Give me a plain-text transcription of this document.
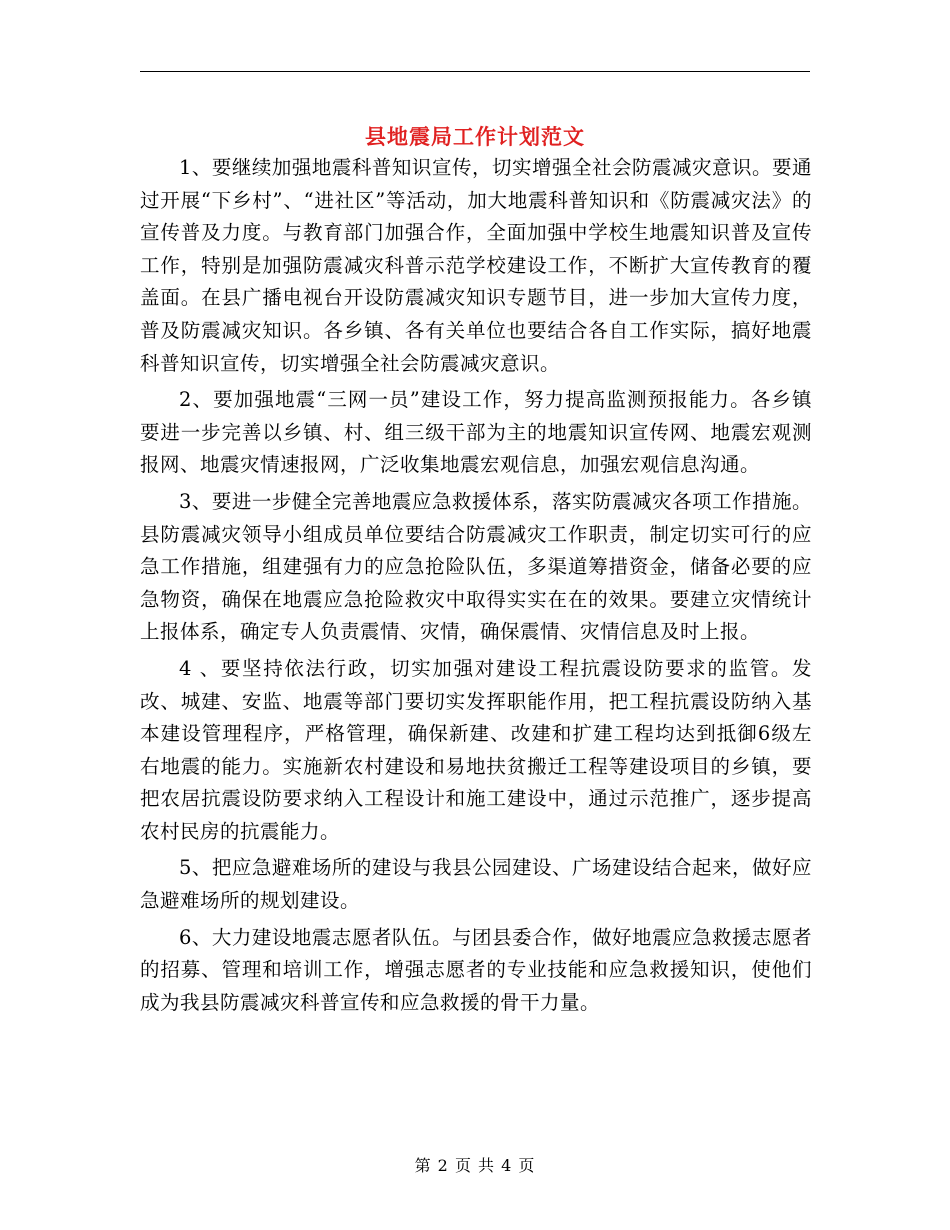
县地震局工作计划范文

1、要继续加强地震科普知识宣传，切实增强全社会防震减灾意识。要通过开展“下乡村”、“进社区”等活动，加大地震科普知识和《防震减灾法》的宣传普及力度。与教育部门加强合作，全面加强中学校生地震知识普及宣传工作，特别是加强防震减灾科普示范学校建设工作，不断扩大宣传教育的覆盖面。在县广播电视台开设防震减灾知识专题节目，进一步加大宣传力度，普及防震减灾知识。各乡镇、各有关单位也要结合各自工作实际，搞好地震科普知识宣传，切实增强全社会防震减灾意识。

2、要加强地震“三网一员”建设工作，努力提高监测预报能力。各乡镇要进一步完善以乡镇、村、组三级干部为主的地震知识宣传网、地震宏观测报网、地震灾情速报网，广泛收集地震宏观信息，加强宏观信息沟通。

3、要进一步健全完善地震应急救援体系，落实防震减灾各项工作措施。县防震减灾领导小组成员单位要结合防震减灾工作职责，制定切实可行的应急工作措施，组建强有力的应急抢险队伍，多渠道筹措资金，储备必要的应急物资，确保在地震应急抢险救灾中取得实实在在的效果。要建立灾情统计上报体系，确定专人负责震情、灾情，确保震情、灾情信息及时上报。

4 、要坚持依法行政，切实加强对建设工程抗震设防要求的监管。发改、城建、安监、地震等部门要切实发挥职能作用，把工程抗震设防纳入基本建设管理程序，严格管理，确保新建、改建和扩建工程均达到抵御6级左右地震的能力。实施新农村建设和易地扶贫搬迁工程等建设项目的乡镇，要把农居抗震设防要求纳入工程设计和施工建设中，通过示范推广，逐步提高农村民房的抗震能力。

5、把应急避难场所的建设与我县公园建设、广场建设结合起来，做好应急避难场所的规划建设。

6、大力建设地震志愿者队伍。与团县委合作，做好地震应急救援志愿者的招募、管理和培训工作，增强志愿者的专业技能和应急救援知识，使他们成为我县防震减灾科普宣传和应急救援的骨干力量。

第 2 页 共 4 页
